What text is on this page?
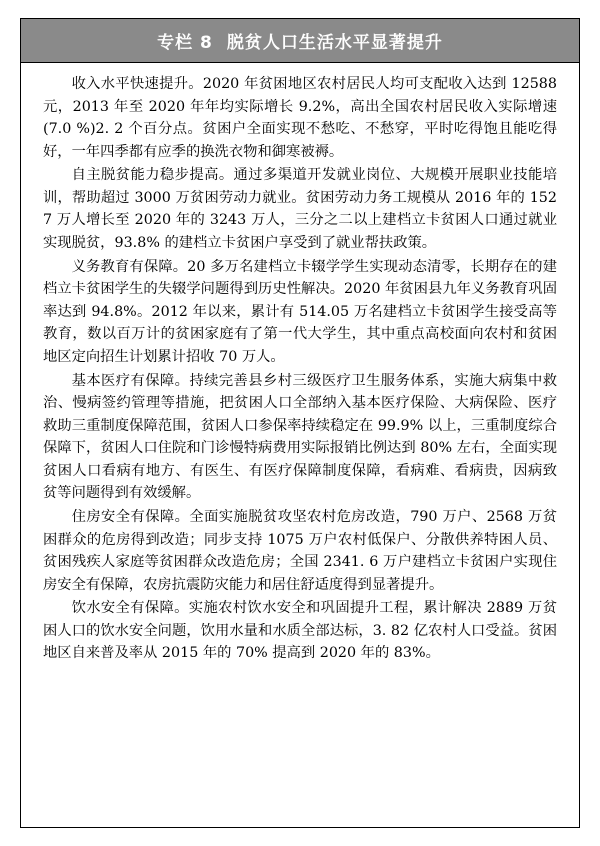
专栏 8 脱贫人口生活水平显著提升

收入水平快速提升。2020 年贫困地区农村居民人均可支配收入达到 12588 元，2013 年至 2020 年年均实际增长 9.2%，高出全国农村居民收入实际增速(7.0 %)2. 2 个百分点。贫困户全面实现不愁吃、不愁穿，平时吃得饱且能吃得好，一年四季都有应季的换洗衣物和御寒被褥。

自主脱贫能力稳步提高。通过多渠道开发就业岗位、大规模开展职业技能培训，帮助超过 3000 万贫困劳动力就业。贫困劳动力务工规模从 2016 年的 1527 万人增长至 2020 年的 3243 万人，三分之二以上建档立卡贫困人口通过就业实现脱贫，93.8% 的建档立卡贫困户享受到了就业帮扶政策。

义务教育有保障。20 多万名建档立卡辍学学生实现动态清零，长期存在的建档立卡贫困学生的失辍学问题得到历史性解决。2020 年贫困县九年义务教育巩固率达到 94.8%。2012 年以来，累计有 514.05 万名建档立卡贫困学生接受高等教育，数以百万计的贫困家庭有了第一代大学生，其中重点高校面向农村和贫困地区定向招生计划累计招收 70 万人。

基本医疗有保障。持续完善县乡村三级医疗卫生服务体系，实施大病集中救治、慢病签约管理等措施，把贫困人口全部纳入基本医疗保险、大病保险、医疗救助三重制度保障范围，贫困人口参保率持续稳定在 99.9% 以上，三重制度综合保障下，贫困人口住院和门诊慢特病费用实际报销比例达到 80% 左右，全面实现贫困人口看病有地方、有医生、有医疗保障制度保障，看病难、看病贵，因病致贫等问题得到有效缓解。

住房安全有保障。全面实施脱贫攻坚农村危房改造，790 万户、2568 万贫困群众的危房得到改造；同步支持 1075 万户农村低保户、分散供养特困人员、贫困残疾人家庭等贫困群众改造危房；全国 2341. 6 万户建档立卡贫困户实现住房安全有保障，农房抗震防灾能力和居住舒适度得到显著提升。

饮水安全有保障。实施农村饮水安全和巩固提升工程，累计解决 2889 万贫困人口的饮水安全问题，饮用水量和水质全部达标，3. 82 亿农村人口受益。贫困地区自来普及率从 2015 年的 70% 提高到 2020 年的 83%。
